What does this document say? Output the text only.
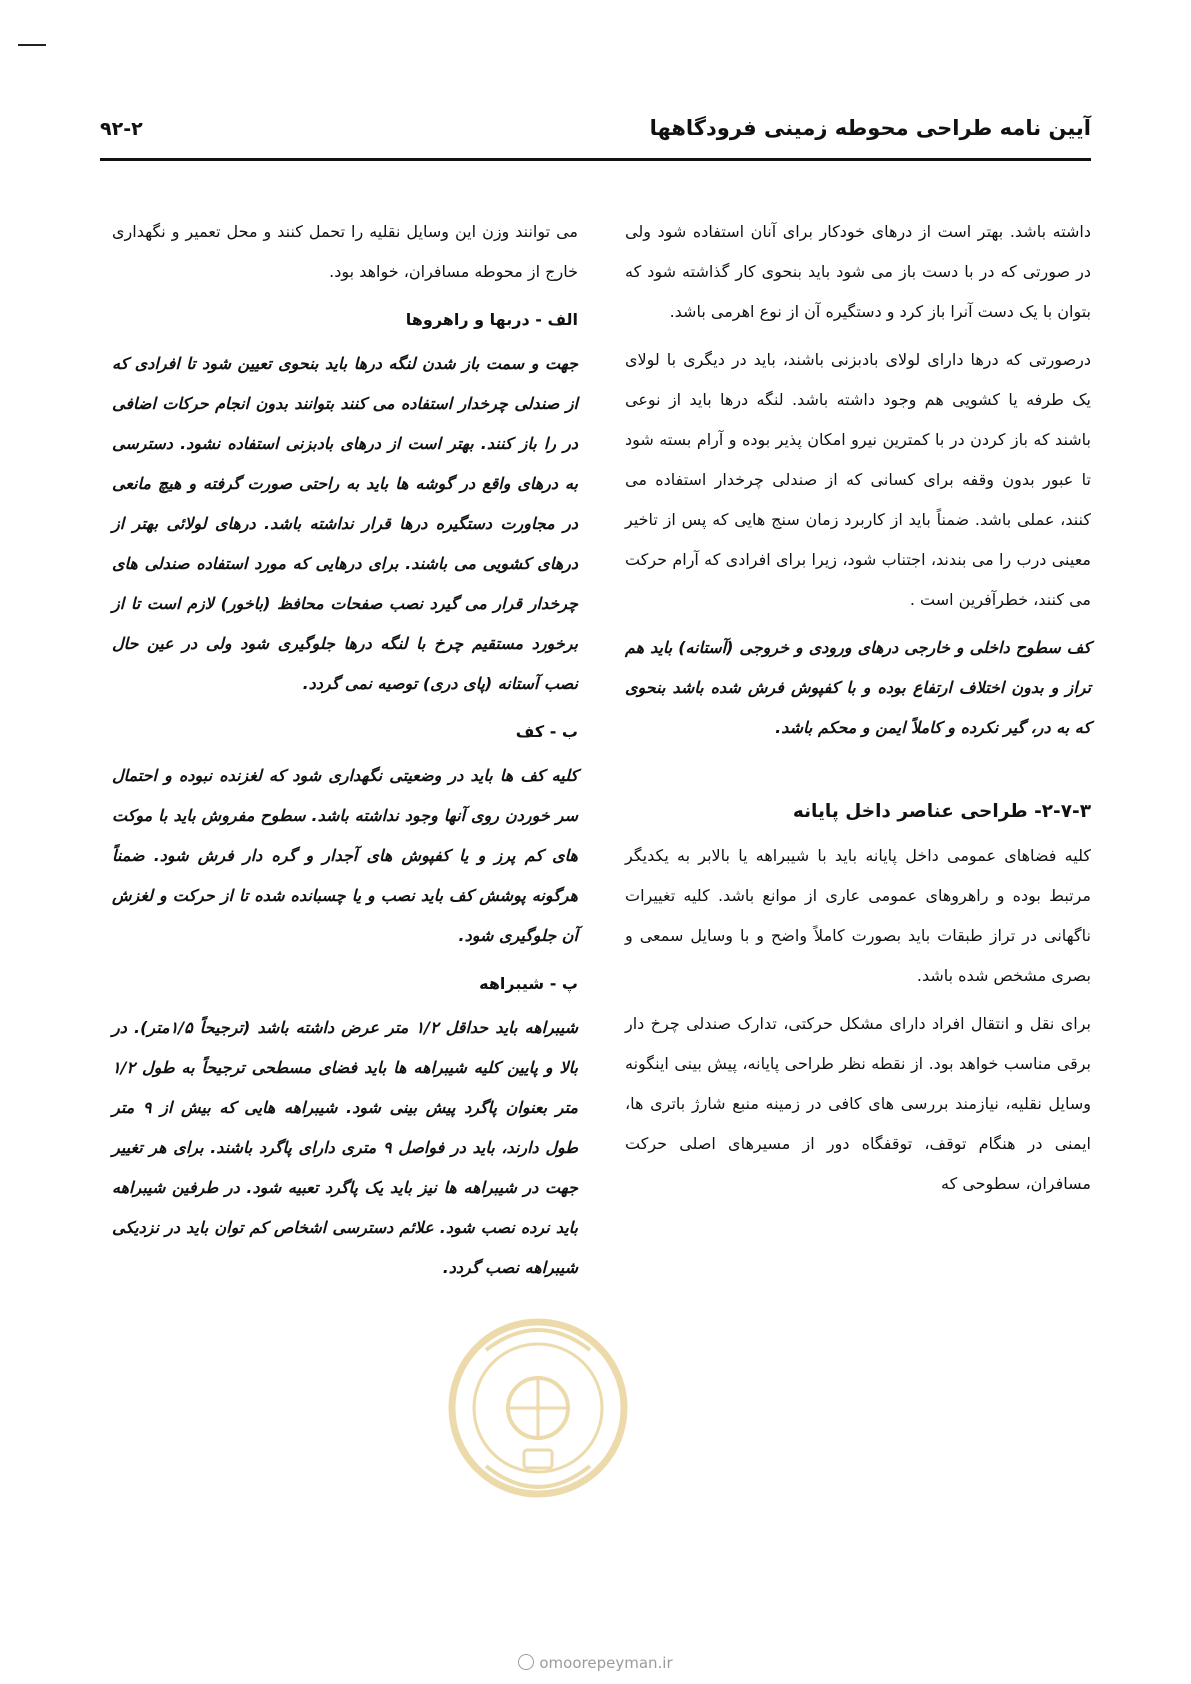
آیین نامه طراحی محوطه زمینی فرودگاهها
۹۲-۲

داشته باشد. بهتر است از درهای خودکار برای آنان استفاده شود ولی در صورتی که در با دست باز می شود باید بنحوی کار گذاشته شود که بتوان با یک دست آنرا باز کرد و دستگیره آن از نوع اهرمی باشد.

درصورتی که درها دارای لولای بادبزنی باشند، باید در دیگری با لولای یک طرفه یا کشویی هم وجود داشته باشد. لنگه درها باید از نوعی باشند که باز کردن در با کمترین نیرو امکان پذیر بوده و آرام بسته شود تا عبور بدون وقفه برای کسانی که از صندلی چرخدار استفاده می کنند، عملی باشد. ضمناً باید از کاربرد زمان سنج هایی که پس از تاخیر معینی درب را می بندند، اجتناب شود، زیرا برای افرادی که آرام حرکت می کنند، خطرآفرین است .

کف سطوح داخلی و خارجی درهای ورودی و خروجی (آستانه) باید هم تراز و بدون اختلاف ارتفاع بوده و با کفپوش فرش شده باشد بنحوی که به در، گیر نکرده و کاملاً ایمن و محکم باشد.

۲-۷-۳- طراحی عناصر داخل پایانه

کلیه فضاهای عمومی داخل پایانه باید با شیبراهه یا بالابر به یکدیگر مرتبط بوده و راهروهای عمومی عاری از موانع باشد. کلیه تغییرات ناگهانی در تراز طبقات باید بصورت کاملاً واضح و با وسایل سمعی و بصری مشخص شده باشد.

برای نقل و انتقال افراد دارای مشکل حرکتی، تدارک صندلی چرخ دار برقی مناسب خواهد بود. از نقطه نظر طراحی پایانه، پیش بینی اینگونه وسایل نقلیه، نیازمند بررسی های کافی در زمینه منبع شارژ باتری ها، ایمنی در هنگام توقف، توقفگاه دور از مسیرهای اصلی حرکت مسافران، سطوحی که

می توانند وزن این وسایل نقلیه را تحمل کنند و محل تعمیر و نگهداری خارج از محوطه مسافران، خواهد بود.

الف - دربها و راهروها

جهت و سمت باز شدن لنگه درها باید بنحوی تعیین شود تا افرادی که از صندلی چرخدار استفاده می کنند بتوانند بدون انجام حرکات اضافی در را باز کنند. بهتر است از درهای بادبزنی استفاده نشود. دسترسی به درهای واقع در گوشه ها باید به راحتی صورت گرفته و هیچ مانعی در مجاورت دستگیره درها قرار نداشته باشد. درهای لولائی بهتر از درهای کشویی می باشند. برای درهایی که مورد استفاده صندلی های چرخدار قرار می گیرد نصب صفحات محافظ (باخور) لازم است تا از برخورد مستقیم چرخ با لنگه درها جلوگیری شود ولی در عین حال نصب آستانه (پای دری) توصیه نمی گردد.

ب - کف

کلیه کف ها باید در وضعیتی نگهداری شود که لغزنده نبوده و احتمال سر خوردن روی آنها وجود نداشته باشد. سطوح مفروش باید با موکت های کم پرز و یا کفپوش های آجدار و گره دار فرش شود. ضمناً هرگونه پوشش کف باید نصب و یا چسبانده شده تا از حرکت و لغزش آن جلوگیری شود.

پ - شیبراهه

شیبراهه باید حداقل ۱/۲ متر عرض داشته باشد (ترجیحاً ۱/۵متر). در بالا و پایین کلیه شیبراهه ها باید فضای مسطحی ترجیحاً به طول ۱/۲ متر بعنوان پاگرد پیش بینی شود. شیبراهه هایی که بیش از ۹ متر طول دارند، باید در فواصل ۹ متری دارای پاگرد باشند. برای هر تغییر جهت در شیبراهه ها نیز باید یک پاگرد تعبیه شود. در طرفین شیبراهه باید نرده نصب شود. علائم دسترسی اشخاص کم توان باید در نزدیکی شیبراهه نصب گردد.

omoorepeyman.ir
